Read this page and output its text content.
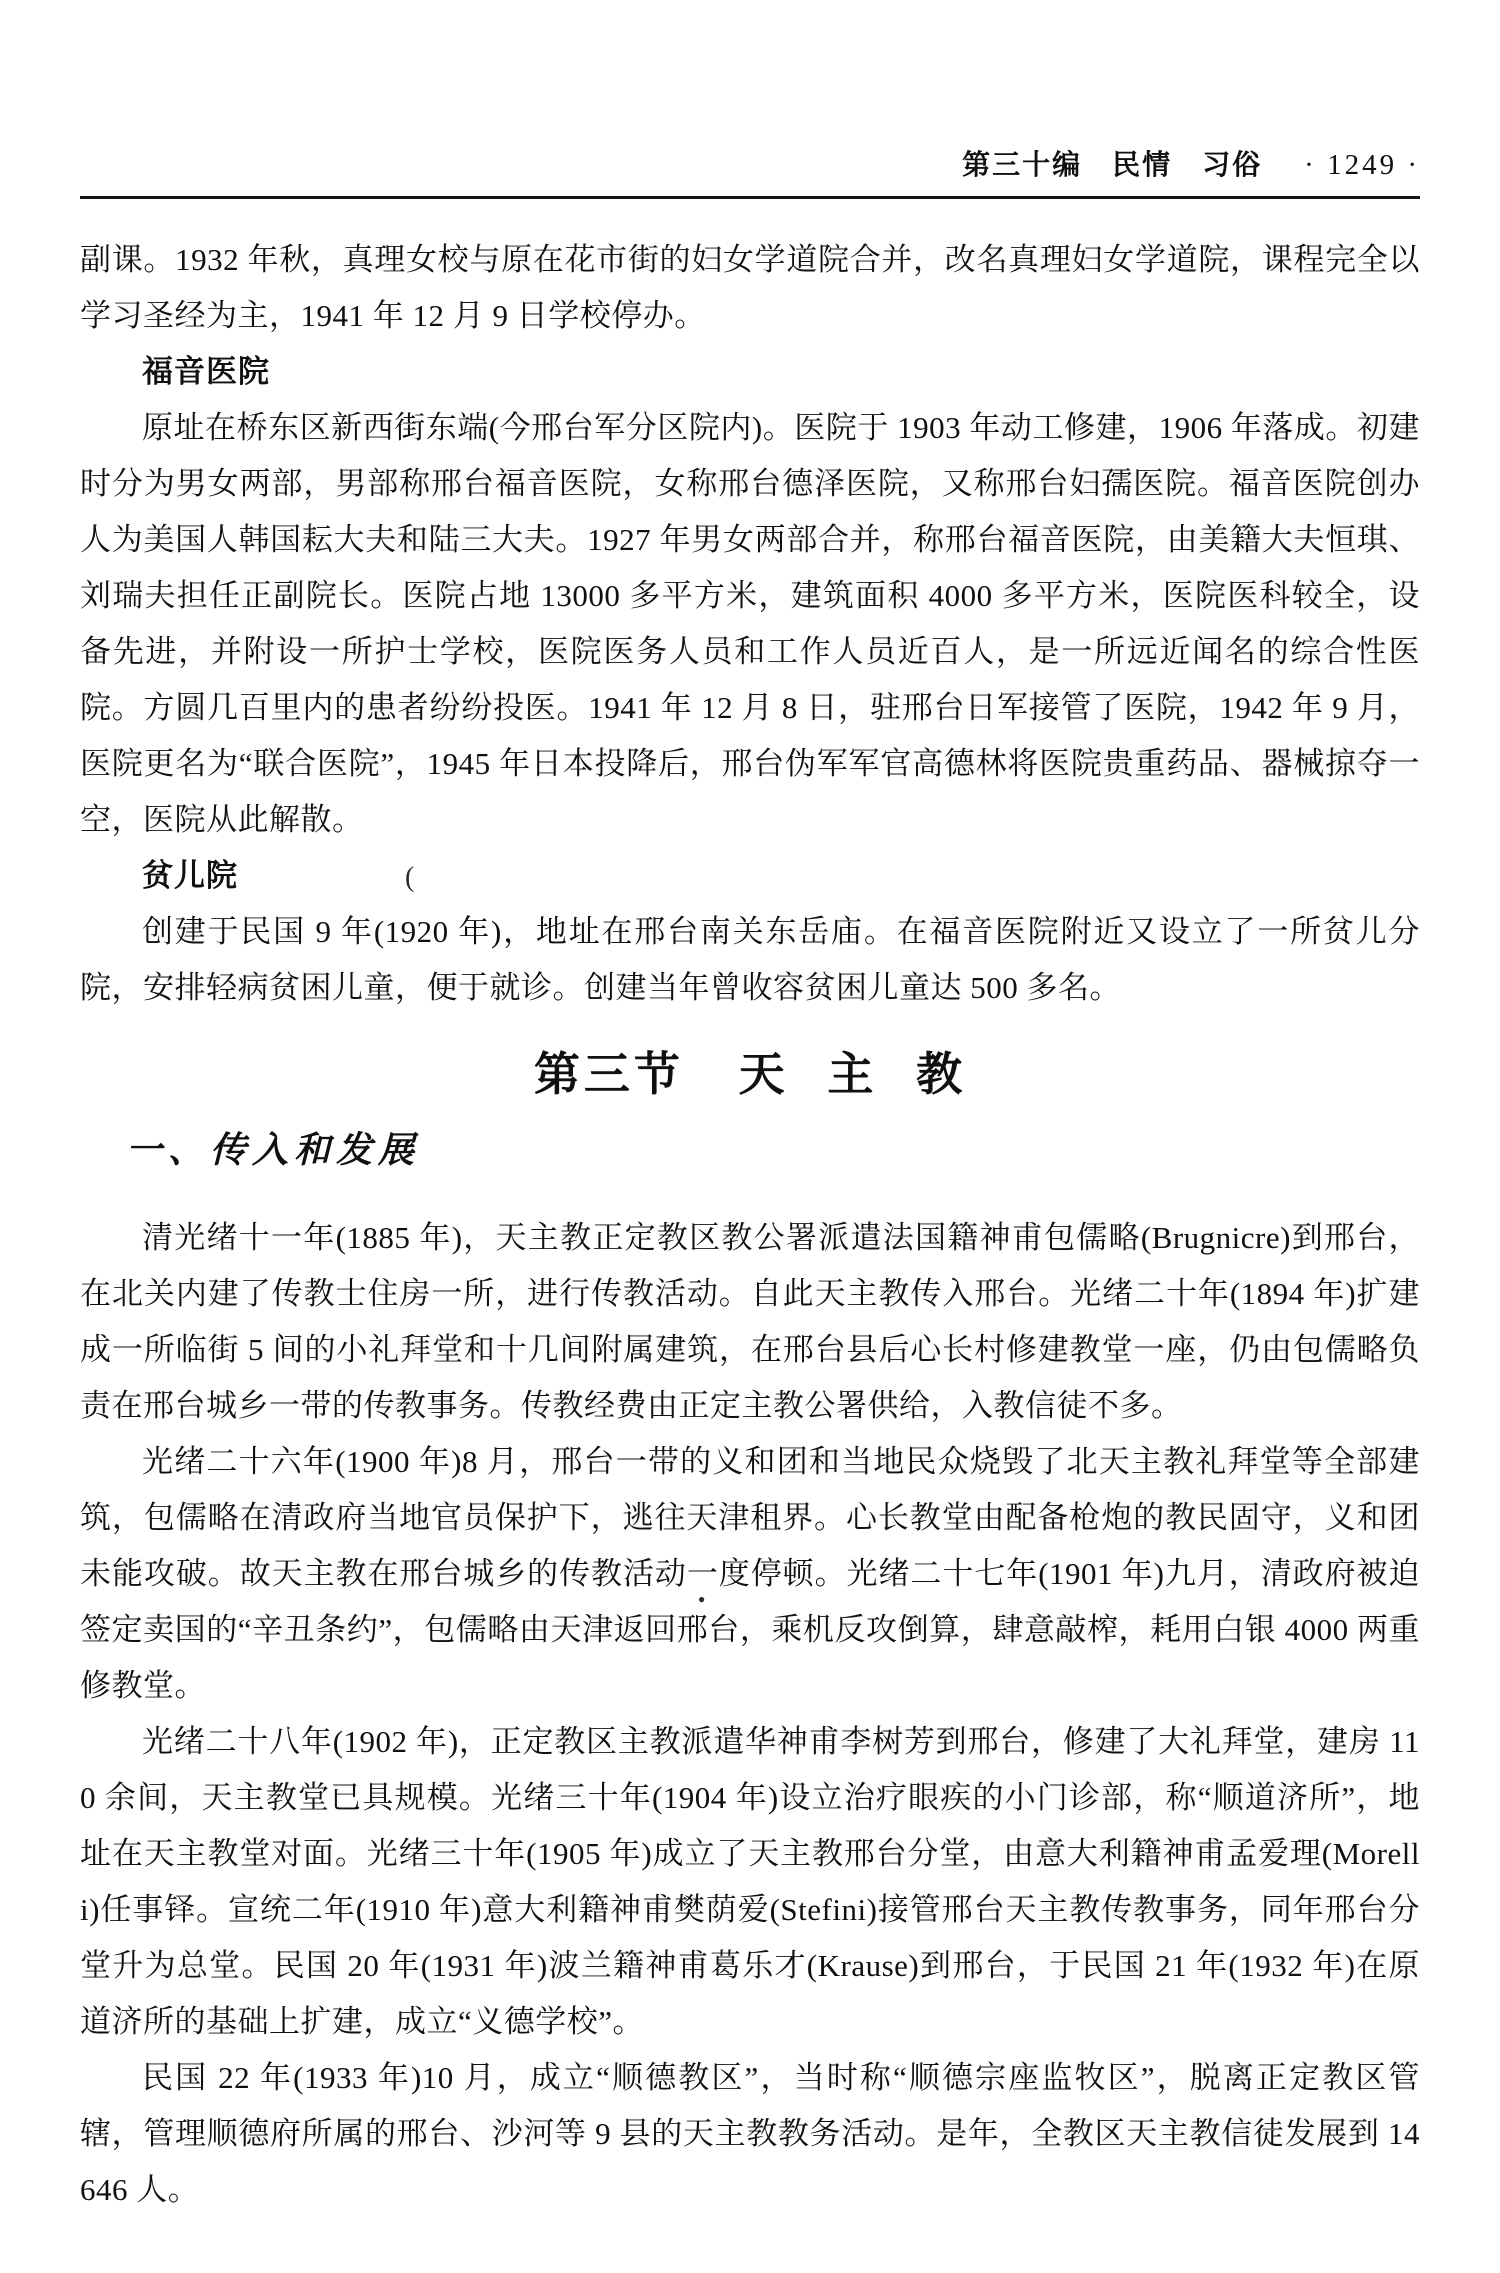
第三十编　民情　习俗 · 1249 ·

副课。1932 年秋，真理女校与原在花市街的妇女学道院合并，改名真理妇女学道院，课程完全以学习圣经为主，1941 年 12 月 9 日学校停办。

福音医院

原址在桥东区新西街东端(今邢台军分区院内)。医院于 1903 年动工修建，1906 年落成。初建时分为男女两部，男部称邢台福音医院，女称邢台德泽医院，又称邢台妇孺医院。福音医院创办人为美国人韩国耘大夫和陆三大夫。1927 年男女两部合并，称邢台福音医院，由美籍大夫恒琪、刘瑞夫担任正副院长。医院占地 13000 多平方米，建筑面积 4000 多平方米，医院医科较全，设备先进，并附设一所护士学校，医院医务人员和工作人员近百人，是一所远近闻名的综合性医院。方圆几百里内的患者纷纷投医。1941 年 12 月 8 日，驻邢台日军接管了医院，1942 年 9 月，医院更名为“联合医院”，1945 年日本投降后，邢台伪军军官高德林将医院贵重药品、器械掠夺一空，医院从此解散。

贫儿院

创建于民国 9 年(1920 年)，地址在邢台南关东岳庙。在福音医院附近又设立了一所贫儿分院，安排轻病贫困儿童，便于就诊。创建当年曾收容贫困儿童达 500 多名。

第三节 天 主 教
一、传入和发展

清光绪十一年(1885 年)，天主教正定教区教公署派遣法国籍神甫包儒略(Brugnicre)到邢台，在北关内建了传教士住房一所，进行传教活动。自此天主教传入邢台。光绪二十年(1894 年)扩建成一所临街 5 间的小礼拜堂和十几间附属建筑，在邢台县后心长村修建教堂一座，仍由包儒略负责在邢台城乡一带的传教事务。传教经费由正定主教公署供给，入教信徒不多。

光绪二十六年(1900 年)8 月，邢台一带的义和团和当地民众烧毁了北天主教礼拜堂等全部建筑，包儒略在清政府当地官员保护下，逃往天津租界。心长教堂由配备枪炮的教民固守，义和团未能攻破。故天主教在邢台城乡的传教活动一度停顿。光绪二十七年(1901 年)九月，清政府被迫签定卖国的“辛丑条约”，包儒略由天津返回邢台，乘机反攻倒算，肆意敲榨，耗用白银 4000 两重修教堂。

光绪二十八年(1902 年)，正定教区主教派遣华神甫李树芳到邢台，修建了大礼拜堂，建房 110 余间，天主教堂已具规模。光绪三十年(1904 年)设立治疗眼疾的小门诊部，称“顺道济所”，地址在天主教堂对面。光绪三十年(1905 年)成立了天主教邢台分堂，由意大利籍神甫孟爱理(Morelli)任事铎。宣统二年(1910 年)意大利籍神甫樊荫爱(Stefini)接管邢台天主教传教事务，同年邢台分堂升为总堂。民国 20 年(1931 年)波兰籍神甫葛乐才(Krause)到邢台，于民国 21 年(1932 年)在原道济所的基础上扩建，成立“义德学校”。

民国 22 年(1933 年)10 月，成立“顺德教区”，当时称“顺德宗座监牧区”，脱离正定教区管辖，管理顺德府所属的邢台、沙河等 9 县的天主教教务活动。是年，全教区天主教信徒发展到 14646 人。

(
●
